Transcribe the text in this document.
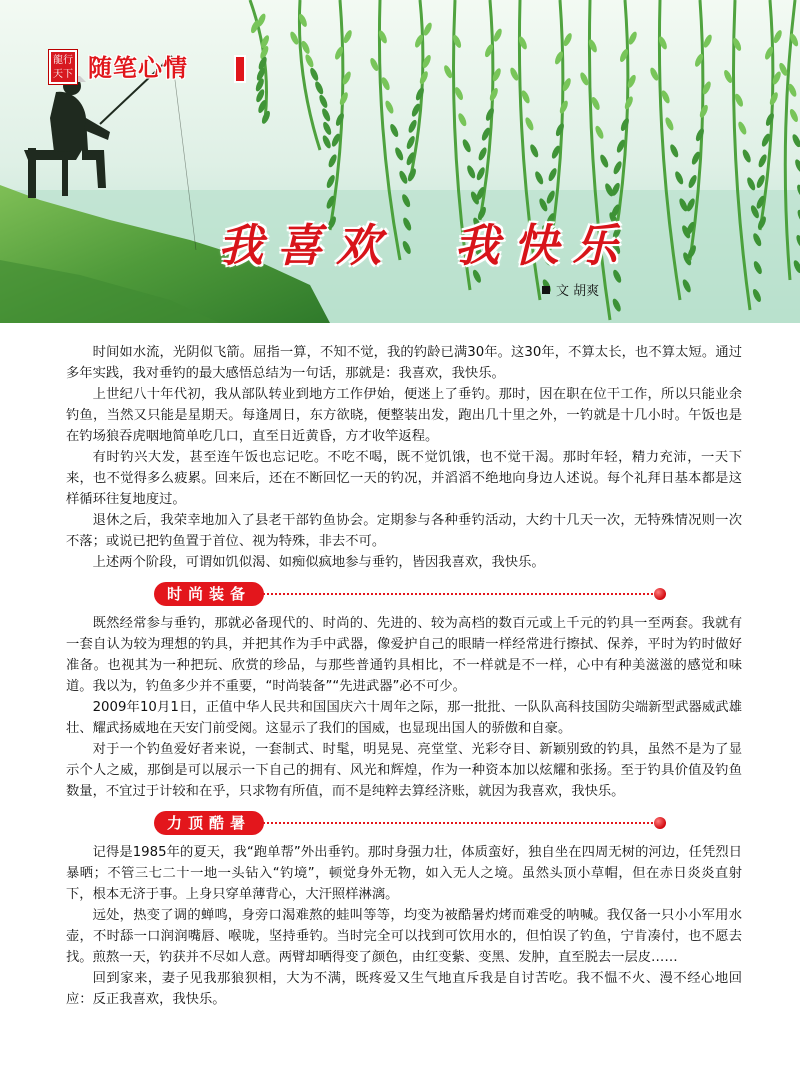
龍行天下 随笔心情
我喜欢  我快乐
文 胡爽

时间如水流，光阴似飞箭。屈指一算，不知不觉，我的钓龄已满30年。这30年，不算太长，也不算太短。通过多年实践，我对垂钓的最大感悟总结为一句话，那就是：我喜欢，我快乐。

上世纪八十年代初，我从部队转业到地方工作伊始，便迷上了垂钓。那时，因在职在位干工作，所以只能业余钓鱼，当然又只能是星期天。每逢周日，东方欲晓，便整装出发，跑出几十里之外，一钓就是十几小时。午饭也是在钓场狼吞虎咽地简单吃几口，直至日近黄昏，方才收竿返程。

有时钓兴大发，甚至连午饭也忘记吃。不吃不喝，既不觉饥饿，也不觉干渴。那时年轻，精力充沛，一天下来，也不觉得多么疲累。回来后，还在不断回忆一天的钓况，并滔滔不绝地向身边人述说。每个礼拜日基本都是这样循环往复地度过。

退休之后，我荣幸地加入了县老干部钓鱼协会。定期参与各种垂钓活动，大约十几天一次，无特殊情况则一次不落；或说已把钓鱼置于首位、视为特殊，非去不可。

上述两个阶段，可谓如饥似渴、如痴似疯地参与垂钓，皆因我喜欢，我快乐。

时尚装备

既然经常参与垂钓，那就必备现代的、时尚的、先进的、较为高档的数百元或上千元的钓具一至两套。我就有一套自认为较为理想的钓具，并把其作为手中武器，像爱护自己的眼睛一样经常进行擦拭、保养，平时为钓时做好准备。也视其为一种把玩、欣赏的珍品，与那些普通钓具相比，不一样就是不一样，心中有种美滋滋的感觉和味道。我以为，钓鱼多少并不重要，“时尚装备”“先进武器”必不可少。

2009年10月1日，正值中华人民共和国国庆六十周年之际，那一批批、一队队高科技国防尖端新型武器威武雄壮、耀武扬威地在天安门前受阅。这显示了我们的国威，也显现出国人的骄傲和自豪。

对于一个钓鱼爱好者来说，一套制式、时髦，明晃晃、亮堂堂、光彩夺目、新颖别致的钓具，虽然不是为了显示个人之威，那倒是可以展示一下自己的拥有、风光和辉煌，作为一种资本加以炫耀和张扬。至于钓具价值及钓鱼数量，不宜过于计较和在乎，只求物有所值，而不是纯粹去算经济账，就因为我喜欢，我快乐。

力顶酷暑

记得是1985年的夏天，我“跑单帮”外出垂钓。那时身强力壮，体质蛮好，独自坐在四周无树的河边，任凭烈日暴晒；不管三七二十一地一头钻入“钓境”，顿觉身外无物，如入无人之境。虽然头顶小草帽，但在赤日炎炎直射下，根本无济于事。上身只穿单薄背心，大汗照样淋漓。

远处，热变了调的蝉鸣，身旁口渴难熬的蛙叫等等，均变为被酷暑灼烤而难受的呐喊。我仅备一只小小军用水壶，不时舔一口润润嘴唇、喉咙，坚持垂钓。当时完全可以找到可饮用水的，但怕误了钓鱼，宁肯凑付，也不愿去找。煎熬一天，钓获并不尽如人意。两臂却晒得变了颜色，由红变紫、变黑、发肿，直至脱去一层皮……

回到家来，妻子见我那狼狈相，大为不满，既疼爱又生气地直斥我是自讨苦吃。我不愠不火、漫不经心地回应：反正我喜欢，我快乐。
